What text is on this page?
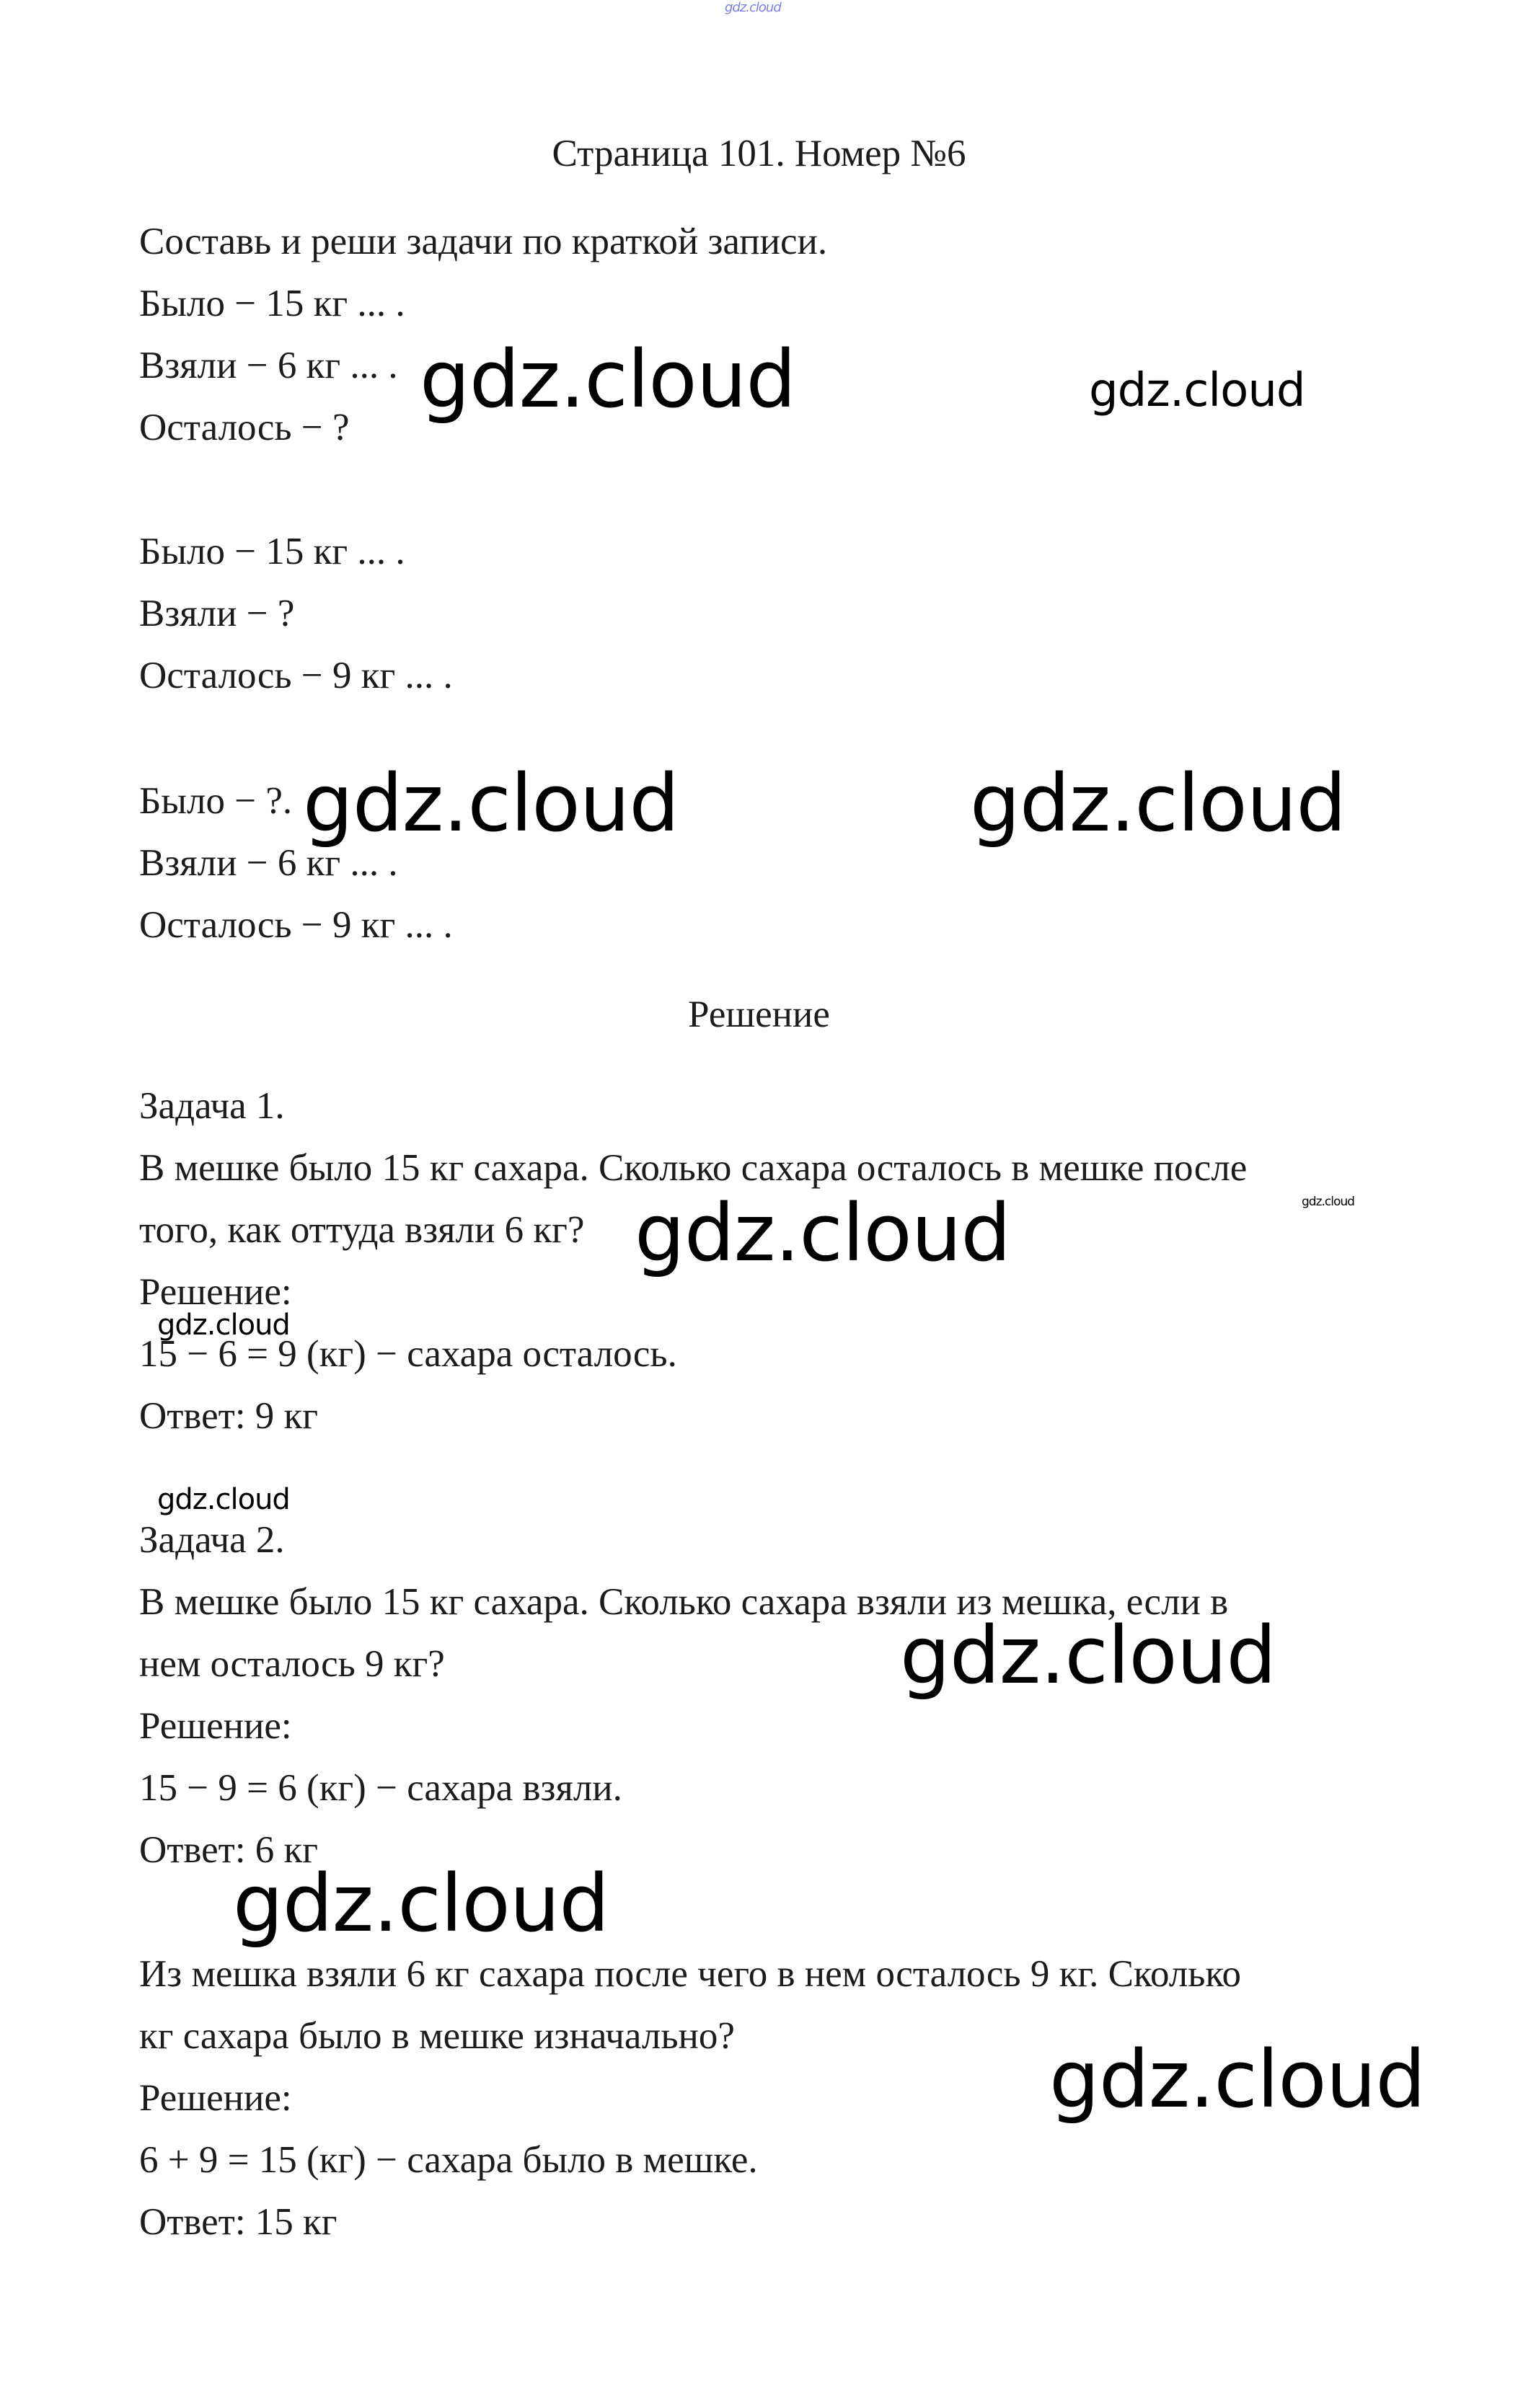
Страница 101. Номер №6

Составь и реши задачи по краткой записи.

Было − 15 кг ... .

Взяли − 6 кг ... .

Осталось − ?

Было − 15 кг ... .

Взяли − ?

Осталось − 9 кг ... .

Было − ?.

Взяли − 6 кг ... .

Осталось − 9 кг ... .

Решение

Задача 1.

В мешке было 15 кг сахара. Сколько сахара осталось в мешке после

того, как оттуда взяли 6 кг?

Решение:

15 − 6 = 9 (кг) − сахара осталось.

Ответ: 9 кг

Задача 2.

В мешке было 15 кг сахара. Сколько сахара взяли из мешка, если в

нем осталось 9 кг?

Решение:

15 − 9 = 6 (кг) − сахара взяли.

Ответ: 6 кг

Из мешка взяли 6 кг сахара после чего в нем осталось 9 кг. Сколько

кг сахара было в мешке изначально?

Решение:

6 + 9 = 15 (кг) − сахара было в мешке.

Ответ: 15 кг

gdz.cloud
gdz.cloud	gdz.cloud
gdz.cloud	gdz.cloud
gdz.cloud
gdz.cloud
gdz.cloud
gdz.cloud
gdz.cloud
gdz.cloud
gdz.cloud
